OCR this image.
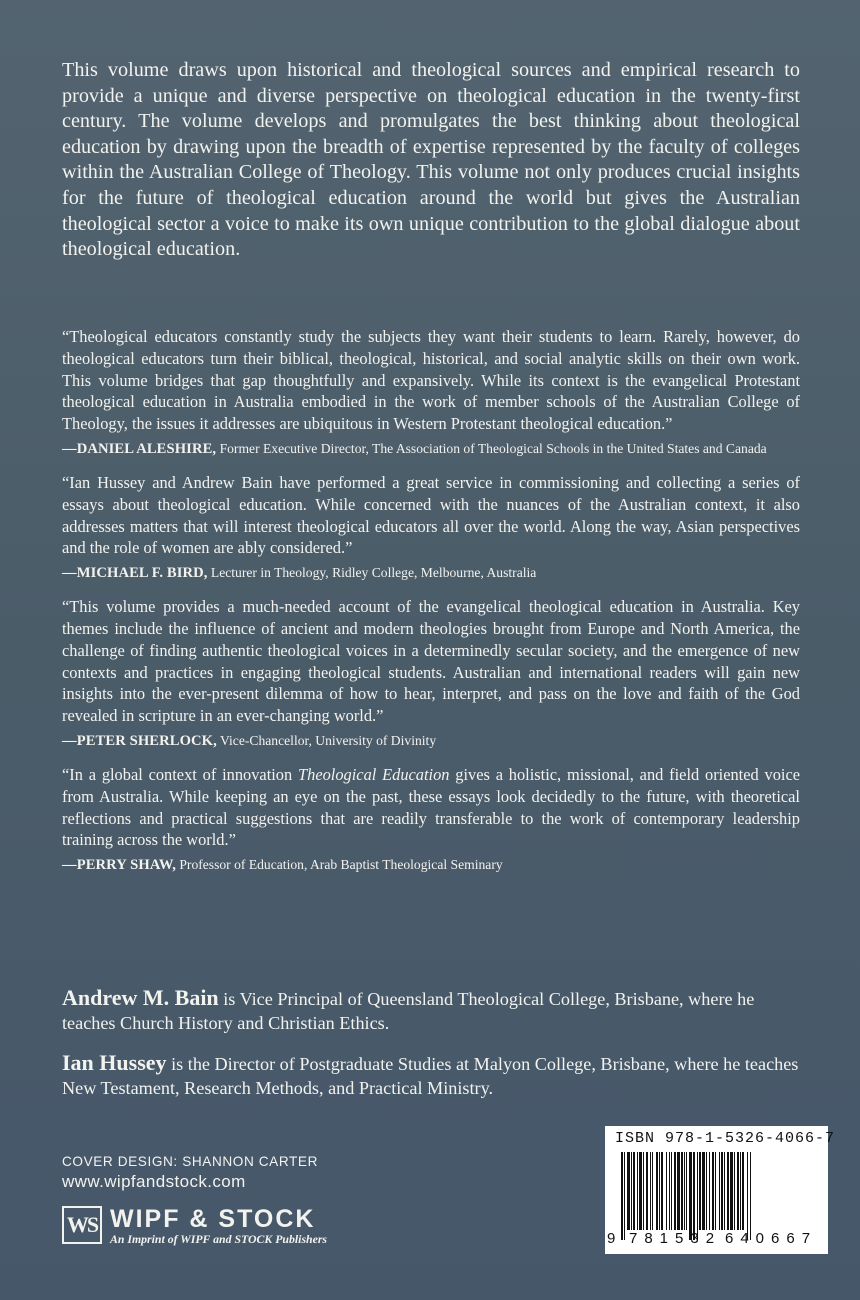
This volume draws upon historical and theological sources and empirical research to provide a unique and diverse perspective on theological education in the twenty-first century. The volume develops and promulgates the best thinking about theological education by drawing upon the breadth of expertise represented by the faculty of colleges within the Australian College of Theology. This volume not only produces crucial insights for the future of theological education around the world but gives the Australian theological sector a voice to make its own unique contribution to the global dialogue about theological education.

“Theological educators constantly study the subjects they want their students to learn. Rarely, however, do theological educators turn their biblical, theological, historical, and social analytic skills on their own work. This volume bridges that gap thoughtfully and expansively. While its context is the evangelical Protestant theological education in Australia embodied in the work of member schools of the Australian College of Theology, the issues it addresses are ubiquitous in Western Protestant theological education.”

—DANIEL ALESHIRE, Former Executive Director, The Association of Theological Schools in the United States and Canada

“Ian Hussey and Andrew Bain have performed a great service in commissioning and collecting a series of essays about theological education. While concerned with the nuances of the Australian context, it also addresses matters that will interest theological educators all over the world. Along the way, Asian perspectives and the role of women are ably considered.”

—MICHAEL F. BIRD, Lecturer in Theology, Ridley College, Melbourne, Australia

“This volume provides a much-needed account of the evangelical theological education in Australia. Key themes include the influence of ancient and modern theologies brought from Europe and North America, the challenge of finding authentic theological voices in a determinedly secular society, and the emergence of new contexts and practices in engaging theological students. Australian and international readers will gain new insights into the ever-present dilemma of how to hear, interpret, and pass on the love and faith of the God revealed in scripture in an ever-changing world.”

—PETER SHERLOCK, Vice-Chancellor, University of Divinity

“In a global context of innovation Theological Education gives a holistic, missional, and field oriented voice from Australia. While keeping an eye on the past, these essays look decidedly to the future, with theoretical reflections and practical suggestions that are readily transferable to the work of contemporary leadership training across the world.”

—PERRY SHAW, Professor of Education, Arab Baptist Theological Seminary

Andrew M. Bain is Vice Principal of Queensland Theological College, Brisbane, where he teaches Church History and Christian Ethics.

Ian Hussey is the Director of Postgraduate Studies at Malyon College, Brisbane, where he teaches New Testament, Research Methods, and Practical Ministry.

COVER DESIGN: SHANNON CARTER

www.wipfandstock.com

WS WIPF & STOCK

An Imprint of WIPF and STOCK Publishers

ISBN 978-1-5326-4066-7

9 781532 640667
